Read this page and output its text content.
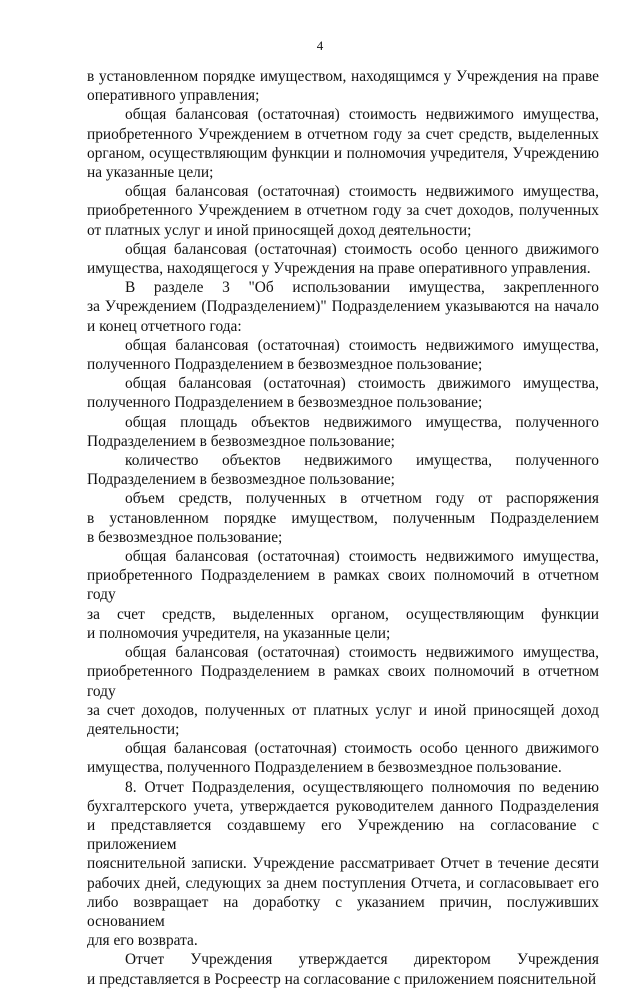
4
в установленном порядке имуществом, находящимся у Учреждения на праве
оперативного управления;
общая балансовая (остаточная) стоимость недвижимого имущества,
приобретенного Учреждением в отчетном году за счет средств, выделенных
органом, осуществляющим функции и полномочия учредителя, Учреждению
на указанные цели;
общая балансовая (остаточная) стоимость недвижимого имущества,
приобретенного Учреждением в отчетном году за счет доходов, полученных
от платных услуг и иной приносящей доход деятельности;
общая балансовая (остаточная) стоимость особо ценного движимого
имущества, находящегося у Учреждения на праве оперативного управления.
В разделе 3 "Об использовании имущества, закрепленного
за Учреждением (Подразделением)" Подразделением указываются на начало
и конец отчетного года:
общая балансовая (остаточная) стоимость недвижимого имущества,
полученного Подразделением в безвозмездное пользование;
общая балансовая (остаточная) стоимость движимого имущества,
полученного Подразделением в безвозмездное пользование;
общая площадь объектов недвижимого имущества, полученного
Подразделением в безвозмездное пользование;
количество объектов недвижимого имущества, полученного
Подразделением в безвозмездное пользование;
объем средств, полученных в отчетном году от распоряжения
в установленном порядке имуществом, полученным Подразделением
в безвозмездное пользование;
общая балансовая (остаточная) стоимость недвижимого имущества,
приобретенного Подразделением в рамках своих полномочий в отчетном году
за счет средств, выделенных органом, осуществляющим функции
и полномочия учредителя, на указанные цели;
общая балансовая (остаточная) стоимость недвижимого имущества,
приобретенного Подразделением в рамках своих полномочий в отчетном году
за счет доходов, полученных от платных услуг и иной приносящей доход
деятельности;
общая балансовая (остаточная) стоимость особо ценного движимого
имущества, полученного Подразделением в безвозмездное пользование.
8. Отчет Подразделения, осуществляющего полномочия по ведению
бухгалтерского учета, утверждается руководителем данного Подразделения
и представляется создавшему его Учреждению на согласование с приложением
пояснительной записки. Учреждение рассматривает Отчет в течение десяти
рабочих дней, следующих за днем поступления Отчета, и согласовывает его
либо возвращает на доработку с указанием причин, послуживших основанием
для его возврата.
Отчет Учреждения утверждается директором Учреждения
и представляется в Росреестр на согласование с приложением пояснительной
